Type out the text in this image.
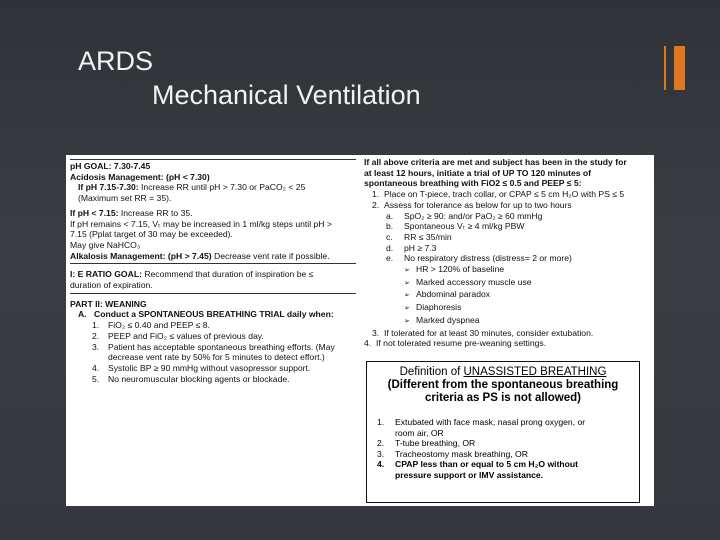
ARDS
Mechanical Ventilation
pH GOAL: 7.30-7.45
Acidosis Management: (pH < 7.30)
If pH 7.15-7.30: Increase RR until pH > 7.30 or PaCO₂ < 25
(Maximum set RR = 35).
If pH < 7.15: Increase RR to 35.
If pH remains < 7.15, Vₜ may be increased in 1 ml/kg steps until pH >
7.15 (Pplat target of 30 may be exceeded).
May give NaHCO₃
Alkalosis Management: (pH > 7.45) Decrease vent rate if possible.
I: E RATIO GOAL: Recommend that duration of inspiration be ≤
duration of expiration.
PART II: WEANING
A. Conduct a SPONTANEOUS BREATHING TRIAL daily when:
1. FiO₂ ≤ 0.40 and PEEP ≤ 8.
2. PEEP and FiO₂ ≤ values of previous day.
3. Patient has acceptable spontaneous breathing efforts. (May
decrease vent rate by 50% for 5 minutes to detect effort.)
4. Systolic BP ≥ 90 mmHg without vasopressor support.
5. No neuromuscular blocking agents or blockade.
If all above criteria are met and subject has been in the study for
at least 12 hours, initiate a trial of UP TO 120 minutes of
spontaneous breathing with FiO2 ≤ 0.5 and PEEP ≤ 5:
1. Place on T-piece, trach collar, or CPAP ≤ 5 cm H₂O with PS ≤ 5
2. Assess for tolerance as below for up to two hours
a. SpO₂ ≥ 90: and/or PaO₂ ≥ 60 mmHg
b. Spontaneous Vₜ ≥ 4 ml/kg PBW
c. RR ≤ 35/min
d. pH ≥ 7.3
e. No respiratory distress (distress= 2 or more)
➢ HR > 120% of baseline
➢ Marked accessory muscle use
➢ Abdominal paradox
➢ Diaphoresis
➢ Marked dyspnea
3. If tolerated for at least 30 minutes, consider extubation.
4. If not tolerated resume pre-weaning settings.
Definition of UNASSISTED BREATHING
(Different from the spontaneous breathing
criteria as PS is not allowed)
1. Extubated with face mask, nasal prong oxygen, or
room air, OR
2. T-tube breathing, OR
3. Tracheostomy mask breathing, OR
4. CPAP less than or equal to 5 cm H₂O without
pressure support or IMV assistance.
